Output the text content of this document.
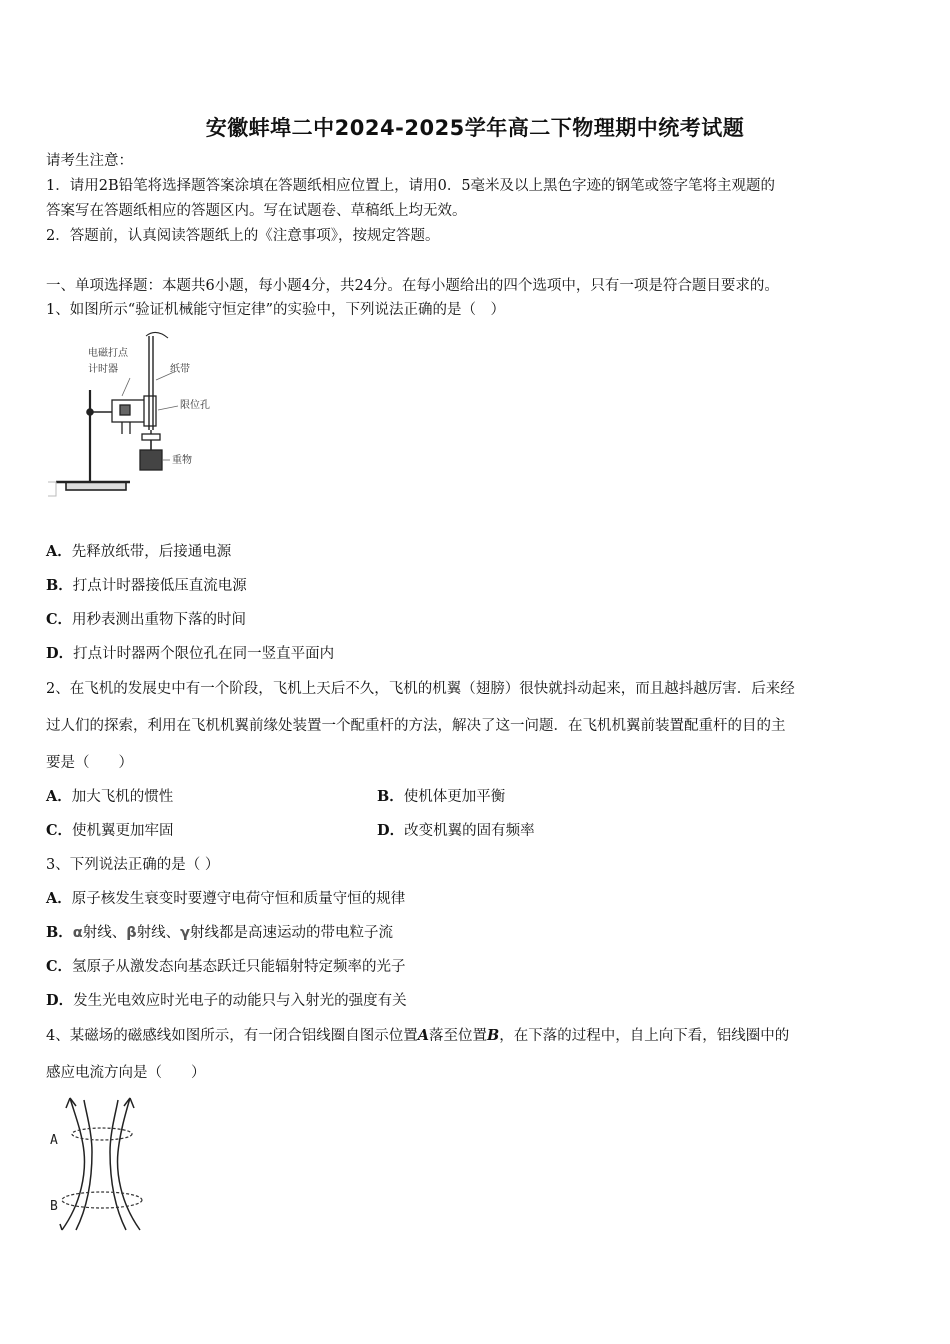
安徽蚌埠二中2024-2025学年高二下物理期中统考试题
请考生注意：
1．请用2B铅笔将选择题答案涂填在答题纸相应位置上，请用0．5毫米及以上黑色字迹的钢笔或签字笔将主观题的
答案写在答题纸相应的答题区内。写在试题卷、草稿纸上均无效。
2．答题前，认真阅读答题纸上的《注意事项》，按规定答题。
一、单项选择题：本题共6小题，每小题4分，共24分。在每小题给出的四个选项中，只有一项是符合题目要求的。
1、如图所示“验证机械能守恒定律”的实验中，下列说法正确的是（　）
电磁打点
计时器	纸带
限位孔
重物
A．先释放纸带，后接通电源
B．打点计时器接低压直流电源
C．用秒表测出重物下落的时间
D．打点计时器两个限位孔在同一竖直平面内
2、在飞机的发展史中有一个阶段，飞机上天后不久，飞机的机翼（翅膀）很快就抖动起来，而且越抖越厉害．后来经
过人们的探索，利用在飞机机翼前缘处装置一个配重杆的方法，解决了这一问题．在飞机机翼前装置配重杆的目的主
要是（　　）
A．加大飞机的惯性	B．使机体更加平衡
C．使机翼更加牢固	D．改变机翼的固有频率
3、下列说法正确的是（ ）
A．原子核发生衰变时要遵守电荷守恒和质量守恒的规律
B．α射线、β射线、γ射线都是高速运动的带电粒子流
C．氢原子从激发态向基态跃迁只能辐射特定频率的光子
D．发生光电效应时光电子的动能只与入射光的强度有关
4、某磁场的磁感线如图所示，有一闭合铝线圈自图示位置A落至位置B，在下落的过程中，自上向下看，铝线圈中的
感应电流方向是（　　）
A
B
